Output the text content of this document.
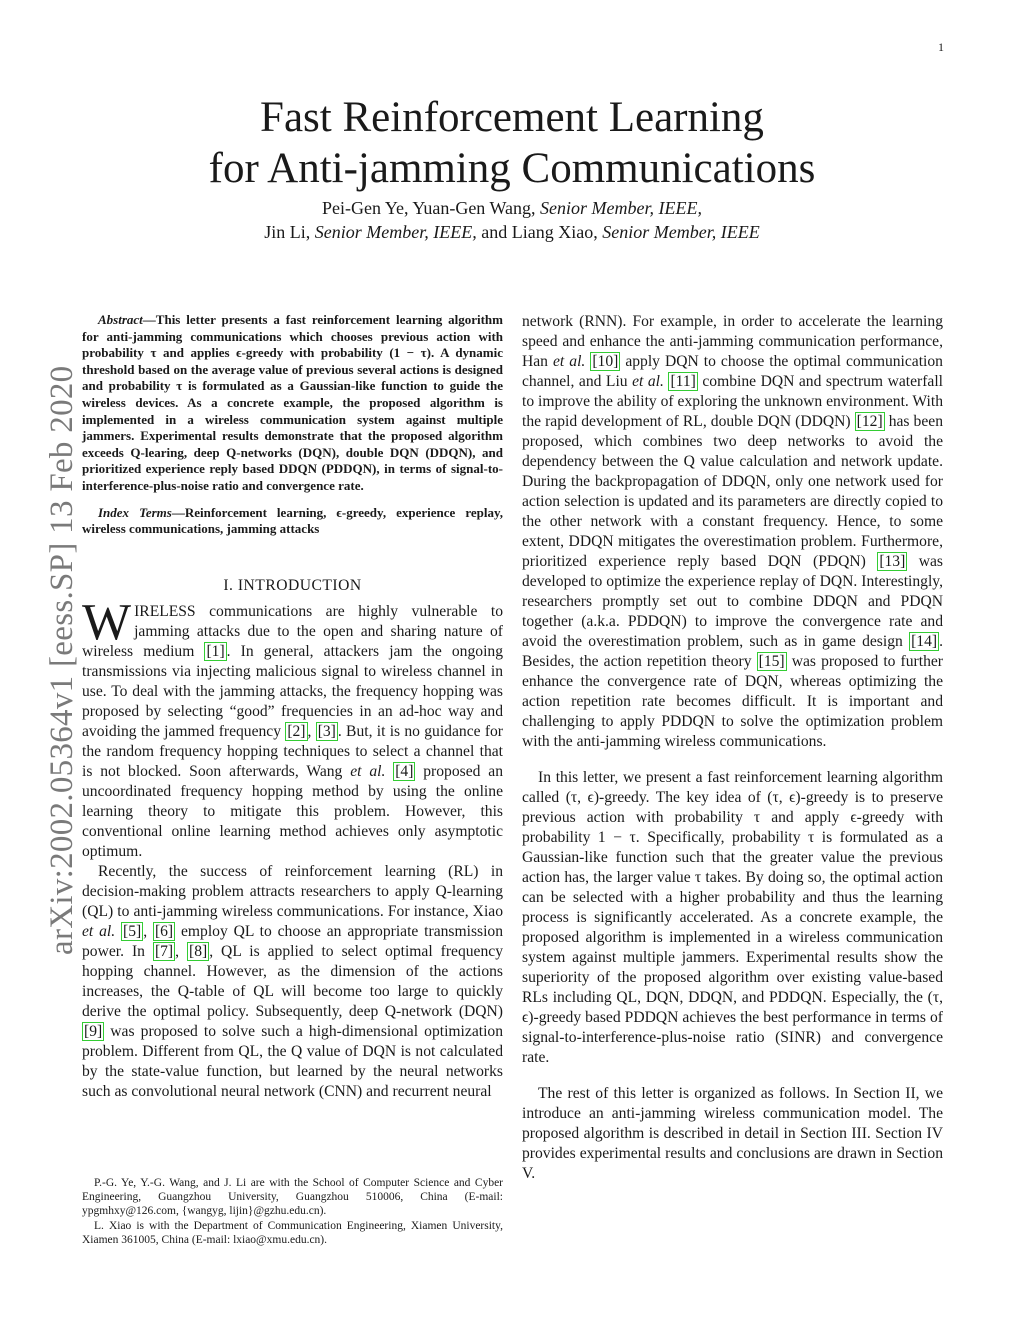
1
arXiv:2002.05364v1 [eess.SP] 13 Feb 2020
Fast Reinforcement Learning
for Anti-jamming Communications
Pei-Gen Ye, Yuan-Gen Wang, Senior Member, IEEE,
Jin Li, Senior Member, IEEE, and Liang Xiao, Senior Member, IEEE

Abstract—This letter presents a fast reinforcement learning algorithm for anti-jamming communications which chooses previous action with probability τ and applies ϵ-greedy with probability (1 − τ). A dynamic threshold based on the average value of previous several actions is designed and probability τ is formulated as a Gaussian-like function to guide the wireless devices. As a concrete example, the proposed algorithm is implemented in a wireless communication system against multiple jammers. Experimental results demonstrate that the proposed algorithm exceeds Q-learing, deep Q-networks (DQN), double DQN (DDQN), and prioritized experience reply based DDQN (PDDQN), in terms of signal-to-interference-plus-noise ratio and convergence rate.

Index Terms—Reinforcement learning, ϵ-greedy, experience replay, wireless communications, jamming attacks

I. INTRODUCTION

WIRELESS communications are highly vulnerable to jamming attacks due to the open and sharing nature of wireless medium [1] . In general, attackers jam the ongoing transmissions via injecting malicious signal to wireless channel in use. To deal with the jamming attacks, the frequency hopping was proposed by selecting “good” frequencies in an ad-hoc way and avoiding the jammed frequency [2] , [3] . But, it is no guidance for the random frequency hopping techniques to select a channel that is not blocked. Soon afterwards, Wang et al. [4] proposed an uncoordinated frequency hopping method by using the online learning theory to mitigate this problem. However, this conventional online learning method achieves only asymptotic optimum.

Recently, the success of reinforcement learning (RL) in decision-making problem attracts researchers to apply Q-learning (QL) to anti-jamming wireless communications. For instance, Xiao et al. [5] , [6] employ QL to choose an appropriate transmission power. In [7] , [8] , QL is applied to select optimal frequency hopping channel. However, as the dimension of the actions increases, the Q-table of QL will become too large to quickly derive the optimal policy. Subsequently, deep Q-network (DQN) [9] was proposed to solve such a high-dimensional optimization problem. Different from QL, the Q value of DQN is not calculated by the state-value function, but learned by the neural networks such as convolutional neural network (CNN) and recurrent neural

network (RNN). For example, in order to accelerate the learning speed and enhance the anti-jamming communication performance, Han et al. [10] apply DQN to choose the optimal communication channel, and Liu et al. [11] combine DQN and spectrum waterfall to improve the ability of exploring the unknown environment. With the rapid development of RL, double DQN (DDQN) [12] has been proposed, which combines two deep networks to avoid the dependency between the Q value calculation and network update. During the backpropagation of DDQN, only one network used for action selection is updated and its parameters are directly copied to the other network with a constant frequency. Hence, to some extent, DDQN mitigates the overestimation problem. Furthermore, prioritized experience reply based DQN (PDQN) [13] was developed to optimize the experience replay of DQN. Interestingly, researchers promptly set out to combine DDQN and PDQN together (a.k.a. PDDQN) to improve the convergence rate and avoid the overestimation problem, such as in game design [14] . Besides, the action repetition theory [15] was proposed to further enhance the convergence rate of DQN, whereas optimizing the action repetition rate becomes difficult. It is important and challenging to apply PDDQN to solve the optimization problem with the anti-jamming wireless communications.

In this letter, we present a fast reinforcement learning algorithm called (τ, ϵ)-greedy. The key idea of (τ, ϵ)-greedy is to preserve previous action with probability τ and apply ϵ-greedy with probability 1 − τ. Specifically, probability τ is formulated as a Gaussian-like function such that the greater value the previous action has, the larger value τ takes. By doing so, the optimal action can be selected with a higher probability and thus the learning process is significantly accelerated. As a concrete example, the proposed algorithm is implemented in a wireless communication system against multiple jammers. Experimental results show the superiority of the proposed algorithm over existing value-based RLs including QL, DQN, DDQN, and PDDQN. Especially, the (τ, ϵ)-greedy based PDDQN achieves the best performance in terms of signal-to-interference-plus-noise ratio (SINR) and convergence rate.

The rest of this letter is organized as follows. In Section II, we introduce an anti-jamming wireless communication model. The proposed algorithm is described in detail in Section III. Section IV provides experimental results and conclusions are drawn in Section V.

P.-G. Ye, Y.-G. Wang, and J. Li are with the School of Computer Science and Cyber Engineering, Guangzhou University, Guangzhou 510006, China (E-mail: ypgmhxy@126.com, {wangyg, lijin}@gzhu.edu.cn).

L. Xiao is with the Department of Communication Engineering, Xiamen University, Xiamen 361005, China (E-mail: lxiao@xmu.edu.cn).
